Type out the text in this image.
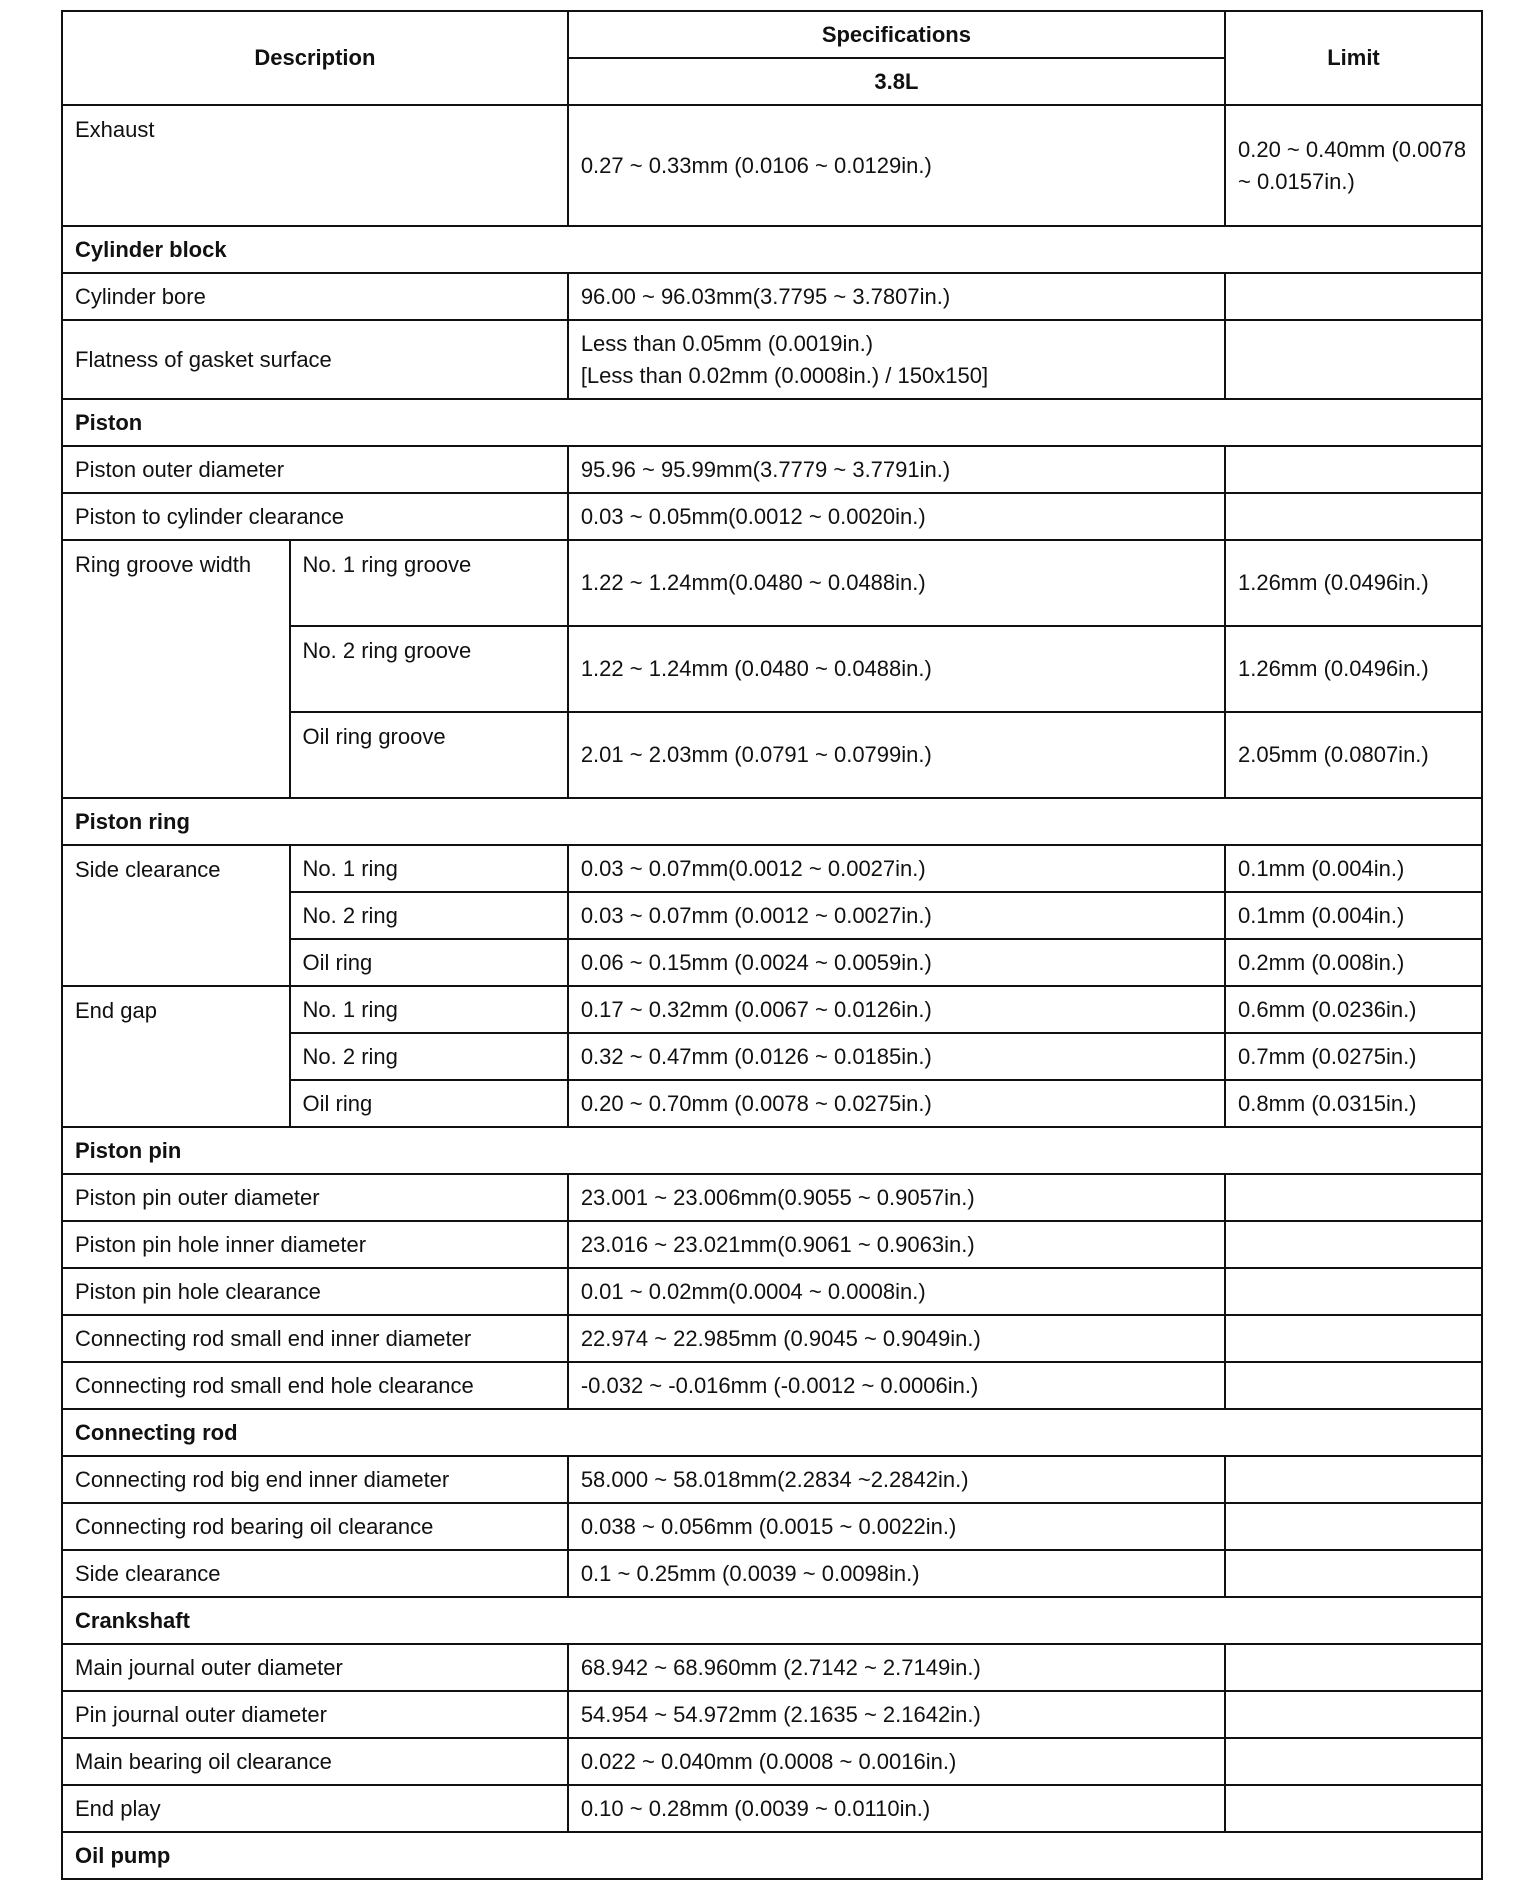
Description		Specifications	Limit
		3.8L	
Exhaust		0.27 ~ 0.33mm (0.0106 ~ 0.0129in.)	0.20 ~ 0.40mm (0.0078 ~ 0.0157in.)
Cylinder block			
Cylinder bore		96.00 ~ 96.03mm(3.7795 ~ 3.7807in.)	
Flatness of gasket surface		Less than 0.05mm (0.0019in.)
[Less than 0.02mm (0.0008in.) / 150x150]	
Piston			
Piston outer diameter		95.96 ~ 95.99mm(3.7779 ~ 3.7791in.)	
Piston to cylinder clearance		0.03 ~ 0.05mm(0.0012 ~ 0.0020in.)	
Ring groove width	No. 1 ring groove	1.22 ~ 1.24mm(0.0480 ~ 0.0488in.)	1.26mm (0.0496in.)
	No. 2 ring groove	1.22 ~ 1.24mm (0.0480 ~ 0.0488in.)	1.26mm (0.0496in.)
	Oil ring groove	2.01 ~ 2.03mm (0.0791 ~ 0.0799in.)	2.05mm (0.0807in.)
Piston ring			
Side clearance	No. 1 ring	0.03 ~ 0.07mm(0.0012 ~ 0.0027in.)	0.1mm (0.004in.)
	No. 2 ring	0.03 ~ 0.07mm (0.0012 ~ 0.0027in.)	0.1mm (0.004in.)
	Oil ring	0.06 ~ 0.15mm (0.0024 ~ 0.0059in.)	0.2mm (0.008in.)
End gap	No. 1 ring	0.17 ~ 0.32mm (0.0067 ~ 0.0126in.)	0.6mm (0.0236in.)
	No. 2 ring	0.32 ~ 0.47mm (0.0126 ~ 0.0185in.)	0.7mm (0.0275in.)
	Oil ring	0.20 ~ 0.70mm (0.0078 ~ 0.0275in.)	0.8mm (0.0315in.)
Piston pin			
Piston pin outer diameter		23.001 ~ 23.006mm(0.9055 ~ 0.9057in.)	
Piston pin hole inner diameter		23.016 ~ 23.021mm(0.9061 ~ 0.9063in.)	
Piston pin hole clearance		0.01 ~ 0.02mm(0.0004 ~ 0.0008in.)	
Connecting rod small end inner diameter		22.974 ~ 22.985mm (0.9045 ~ 0.9049in.)	
Connecting rod small end hole clearance		-0.032 ~ -0.016mm (-0.0012 ~ 0.0006in.)	
Connecting rod			
Connecting rod big end inner diameter		58.000 ~ 58.018mm(2.2834 ~2.2842in.)	
Connecting rod bearing oil clearance		0.038 ~ 0.056mm (0.0015 ~ 0.0022in.)	
Side clearance		0.1 ~ 0.25mm (0.0039 ~ 0.0098in.)	
Crankshaft			
Main journal outer diameter		68.942 ~ 68.960mm (2.7142 ~ 2.7149in.)	
Pin journal outer diameter		54.954 ~ 54.972mm (2.1635 ~ 2.1642in.)	
Main bearing oil clearance		0.022 ~ 0.040mm (0.0008 ~ 0.0016in.)	
End play		0.10 ~ 0.28mm (0.0039 ~ 0.0110in.)	
Oil pump			
